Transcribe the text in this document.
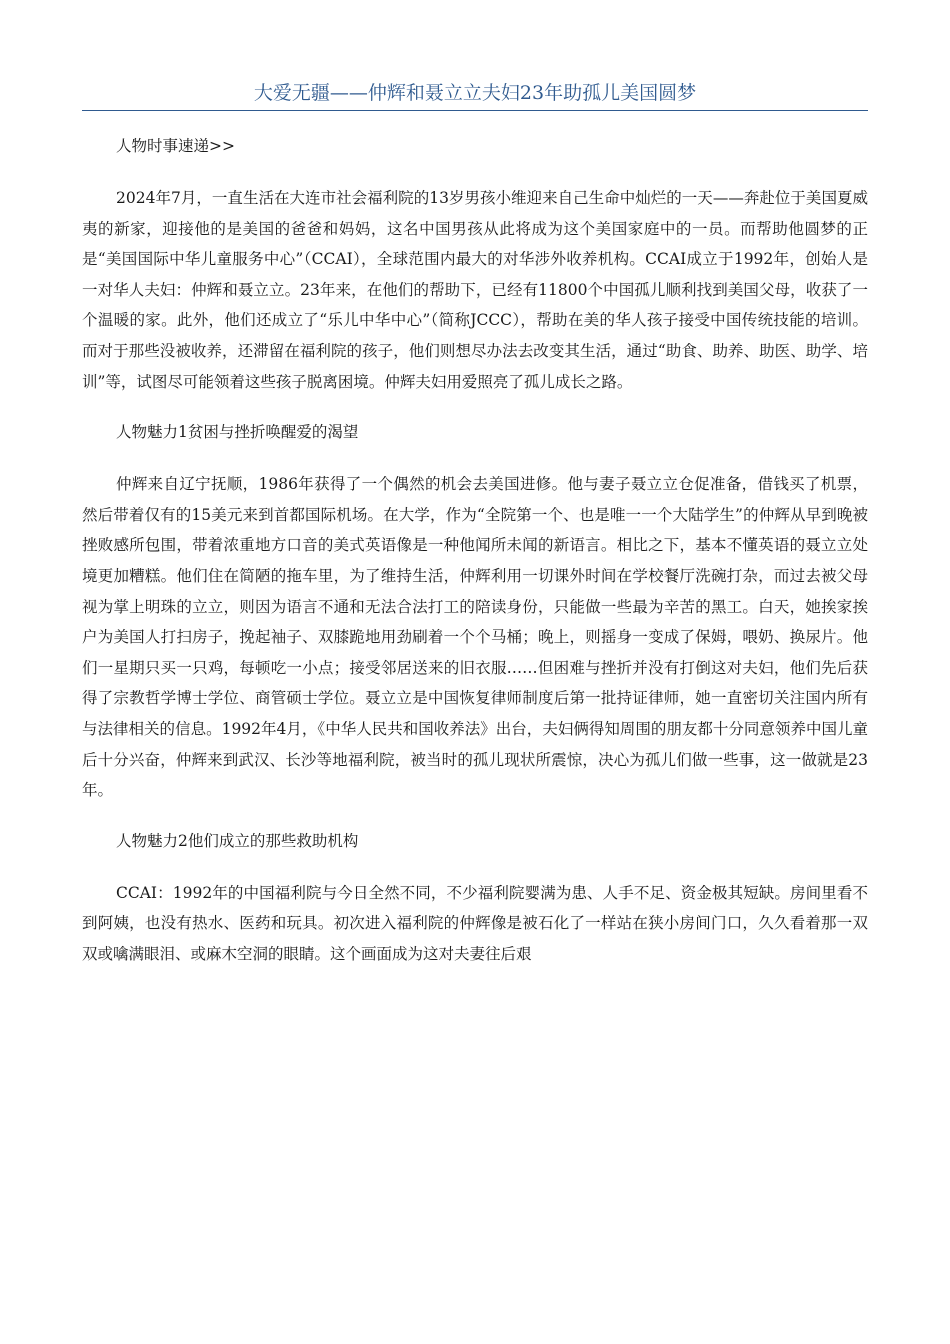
大爱无疆——仲辉和聂立立夫妇23年助孤儿美国圆梦

人物时事速递>>

2024年7月，一直生活在大连市社会福利院的13岁男孩小维迎来自己生命中灿烂的一天——奔赴位于美国夏威夷的新家，迎接他的是美国的爸爸和妈妈，这名中国男孩从此将成为这个美国家庭中的一员。而帮助他圆梦的正是“美国国际中华儿童服务中心”（CCAI），全球范围内最大的对华涉外收养机构。CCAI成立于1992年，创始人是一对华人夫妇：仲辉和聂立立。23年来，在他们的帮助下，已经有11800个中国孤儿顺利找到美国父母，收获了一个温暖的家。此外，他们还成立了“乐儿中华中心”（简称JCCC），帮助在美的华人孩子接受中国传统技能的培训。而对于那些没被收养，还滞留在福利院的孩子，他们则想尽办法去改变其生活，通过“助食、助养、助医、助学、培训”等，试图尽可能领着这些孩子脱离困境。仲辉夫妇用爱照亮了孤儿成长之路。

人物魅力1贫困与挫折唤醒爱的渴望

仲辉来自辽宁抚顺，1986年获得了一个偶然的机会去美国进修。他与妻子聂立立仓促准备，借钱买了机票，然后带着仅有的15美元来到首都国际机场。在大学，作为“全院第一个、也是唯一一个大陆学生”的仲辉从早到晚被挫败感所包围，带着浓重地方口音的美式英语像是一种他闻所未闻的新语言。相比之下，基本不懂英语的聂立立处境更加糟糕。他们住在简陋的拖车里，为了维持生活，仲辉利用一切课外时间在学校餐厅洗碗打杂，而过去被父母视为掌上明珠的立立，则因为语言不通和无法合法打工的陪读身份，只能做一些最为辛苦的黑工。白天，她挨家挨户为美国人打扫房子，挽起袖子、双膝跪地用劲刷着一个个马桶；晚上，则摇身一变成了保姆，喂奶、换尿片。他们一星期只买一只鸡，每顿吃一小点；接受邻居送来的旧衣服……但困难与挫折并没有打倒这对夫妇，他们先后获得了宗教哲学博士学位、商管硕士学位。聂立立是中国恢复律师制度后第一批持证律师，她一直密切关注国内所有与法律相关的信息。1992年4月，《中华人民共和国收养法》出台，夫妇俩得知周围的朋友都十分同意领养中国儿童后十分兴奋，仲辉来到武汉、长沙等地福利院，被当时的孤儿现状所震惊，决心为孤儿们做一些事，这一做就是23年。

人物魅力2他们成立的那些救助机构

CCAI：1992年的中国福利院与今日全然不同，不少福利院婴满为患、人手不足、资金极其短缺。房间里看不到阿姨，也没有热水、医药和玩具。初次进入福利院的仲辉像是被石化了一样站在狭小房间门口，久久看着那一双双或噙满眼泪、或麻木空洞的眼睛。这个画面成为这对夫妻往后艰
